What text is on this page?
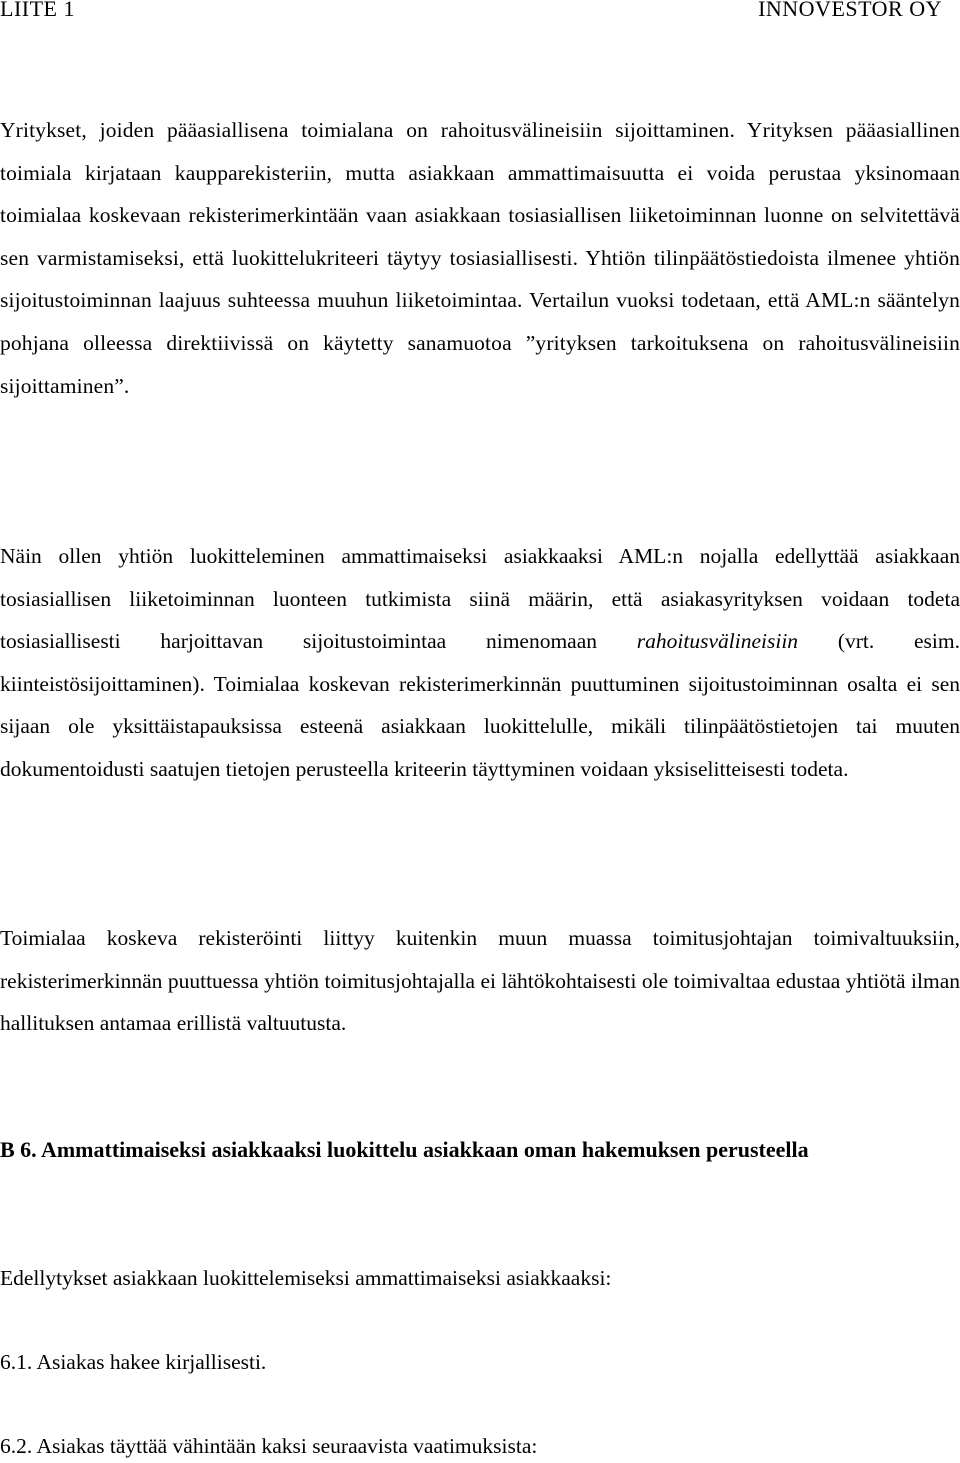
LIITE 1	INNOVESTOR OY

Yritykset, joiden pääasiallisena toimialana on rahoitusvälineisiin sijoittaminen. Yrityksen pääasiallinen toimiala kirjataan kaupparekisteriin, mutta asiakkaan ammattimaisuutta ei voida perustaa yksinomaan toimialaa koskevaan rekisterimerkintään vaan asiakkaan tosiasiallisen liiketoiminnan luonne on selvitettävä sen varmistamiseksi, että luokittelukriteeri täytyy tosiasiallisesti. Yhtiön tilinpäätöstiedoista ilmenee yhtiön sijoitustoiminnan laajuus suhteessa muuhun liiketoimintaa. Vertailun vuoksi todetaan, että AML:n sääntelyn pohjana olleessa direktiivissä on käytetty sanamuotoa ”yrityksen tarkoituksena on rahoitusvälineisiin sijoittaminen”.

Näin ollen yhtiön luokitteleminen ammattimaiseksi asiakkaaksi AML:n nojalla edellyttää asiakkaan tosiasiallisen liiketoiminnan luonteen tutkimista siinä määrin, että asiakasyrityksen voidaan todeta tosiasiallisesti harjoittavan sijoitustoimintaa nimenomaan rahoitusvälineisiin (vrt. esim. kiinteistösijoittaminen). Toimialaa koskevan rekisterimerkinnän puuttuminen sijoitustoiminnan osalta ei sen sijaan ole yksittäistapauksissa esteenä asiakkaan luokittelulle, mikäli tilinpäätöstietojen tai muuten dokumentoidusti saatujen tietojen perusteella kriteerin täyttyminen voidaan yksiselitteisesti todeta.

Toimialaa koskeva rekisteröinti liittyy kuitenkin muun muassa toimitusjohtajan toimivaltuuksiin, rekisterimerkinnän puuttuessa yhtiön toimitusjohtajalla ei lähtökohtaisesti ole toimivaltaa edustaa yhtiötä ilman hallituksen antamaa erillistä valtuutusta.

B 6. Ammattimaiseksi asiakkaaksi luokittelu asiakkaan oman hakemuksen perusteella

Edellytykset asiakkaan luokittelemiseksi ammattimaiseksi asiakkaaksi:

6.1. Asiakas hakee kirjallisesti.

6.2. Asiakas täyttää vähintään kaksi seuraavista vaatimuksista:
